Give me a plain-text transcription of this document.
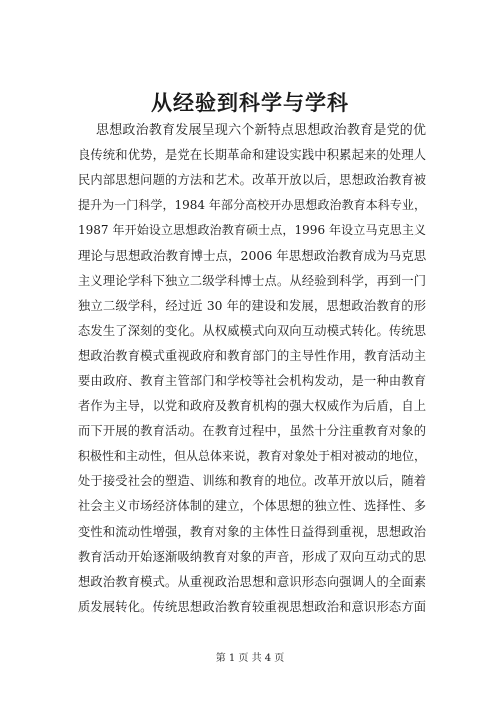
从经验到科学与学科
思想政治教育发展呈现六个新特点思想政治教育是党的优
良传统和优势，是党在长期革命和建设实践中积累起来的处理人
民内部思想问题的方法和艺术。改革开放以后，思想政治教育被
提升为一门科学，1984 年部分高校开办思想政治教育本科专业，
1987 年开始设立思想政治教育硕士点，1996 年设立马克思主义
理论与思想政治教育博士点，2006 年思想政治教育成为马克思
主义理论学科下独立二级学科博士点。从经验到科学，再到一门
独立二级学科，经过近 30 年的建设和发展，思想政治教育的形
态发生了深刻的变化。从权威模式向双向互动模式转化。传统思
想政治教育模式重视政府和教育部门的主导性作用，教育活动主
要由政府、教育主管部门和学校等社会机构发动，是一种由教育
者作为主导，以党和政府及教育机构的强大权威作为后盾，自上
而下开展的教育活动。在教育过程中，虽然十分注重教育对象的
积极性和主动性，但从总体来说，教育对象处于相对被动的地位，
处于接受社会的塑造、训练和教育的地位。改革开放以后，随着
社会主义市场经济体制的建立，个体思想的独立性、选择性、多
变性和流动性增强，教育对象的主体性日益得到重视，思想政治
教育活动开始逐渐吸纳教育对象的声音，形成了双向互动式的思
想政治教育模式。从重视政治思想和意识形态向强调人的全面素
质发展转化。传统思想政治教育较重视思想政治和意识形态方面
第 1 页 共 4 页
